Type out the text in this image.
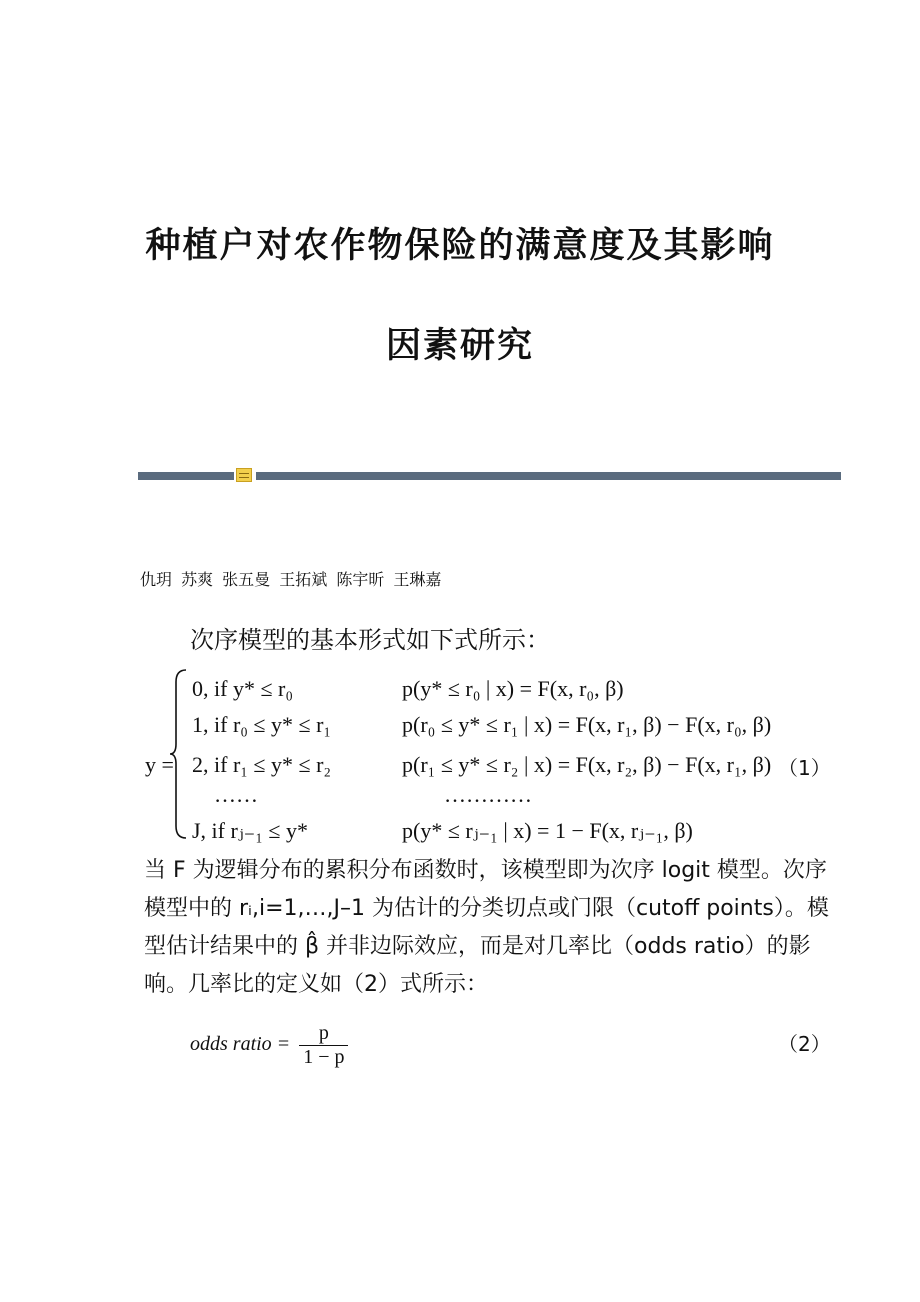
种植户对农作物保险的满意度及其影响
因素研究

仇玥 苏爽 张五曼 王拓斌 陈宇昕 王琳嘉

次序模型的基本形式如下式所示：

y =
0, if y* ≤ r₀
1, if r₀ ≤ y* ≤ r₁
2, if r₁ ≤ y* ≤ r₂
……
J, if rⱼ₋₁ ≤ y*
p(y* ≤ r₀ | x) = F(x, r₀, β)
p(r₀ ≤ y* ≤ r₁ | x) = F(x, r₁, β) − F(x, r₀, β)
p(r₁ ≤ y* ≤ r₂ | x) = F(x, r₂, β) − F(x, r₁, β)
…………
p(y* ≤ rⱼ₋₁ | x) = 1 − F(x, rⱼ₋₁, β)
（1）

当 F 为逻辑分布的累积分布函数时，该模型即为次序 logit 模型。次序模型中的 rᵢ,i=1,…,J–1 为估计的分类切点或门限（cutoff points）。模型估计结果中的 β̂ 并非边际效应，而是对几率比（odds ratio）的影响。几率比的定义如（2）式所示：

odds ratio = $\frac{p}{1 - p}$	（2）
